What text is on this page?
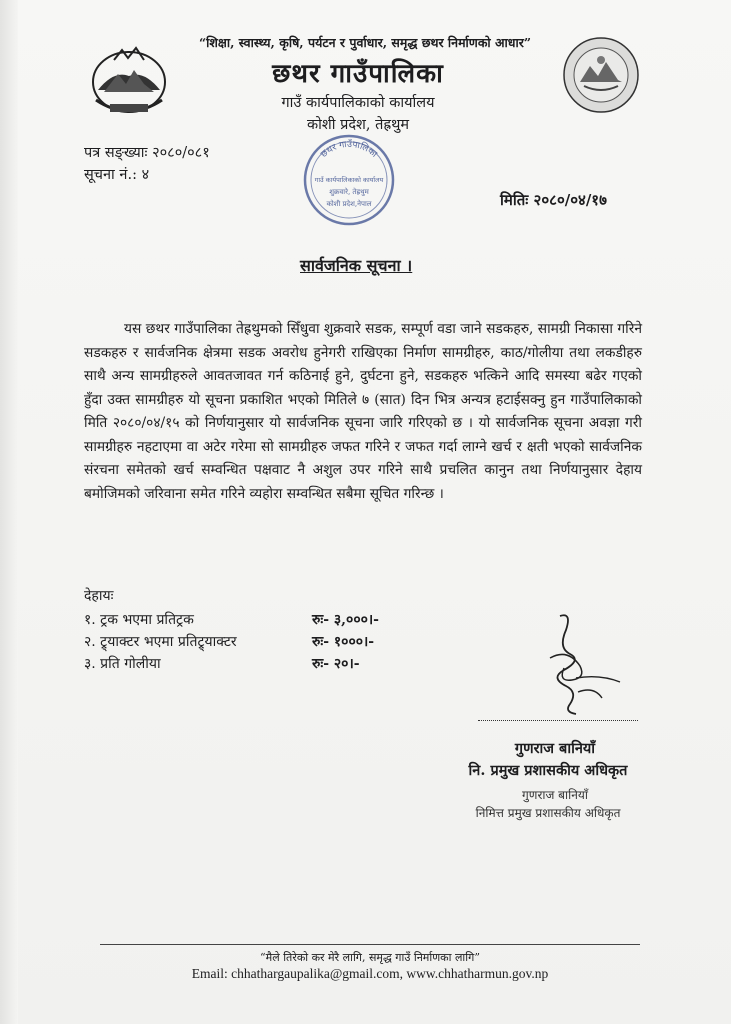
“शिक्षा, स्वास्थ्य, कृषि, पर्यटन र पुर्वाधार, समृद्ध छथर निर्माणको आधार”
छथर गाउँपालिका
गाउँ कार्यपालिकाको कार्यालय
कोशी प्रदेश, तेह्रथुम
पत्र सङ्ख्याः २०८०/०८१
सूचना नं.: ४
छथर गाउँपालिका
गाउँ कार्यपालिकाको कार्यालय
शुक्रवारे, तेह्रथुम
कोशी प्रदेश,नेपाल	मितिः २०८०/०४/१७
सार्वजनिक सूचना ।
यस छथर गाउँपालिका तेह्रथुमको सिँधुवा शुक्रवारे सडक, सम्पूर्ण वडा जाने सडकहरु, सामग्री निकासा गरिने सडकहरु र सार्वजनिक क्षेत्रमा सडक अवरोध हुनेगरी राखिएका निर्माण सामग्रीहरु, काठ/गोलीया तथा लकडीहरु साथै अन्य सामग्रीहरुले आवतजावत गर्न कठिनाई हुने, दुर्घटना हुने, सडकहरु भत्किने आदि समस्या बढेर गएको हुँदा उक्त सामग्रीहरु यो सूचना प्रकाशित भएको मितिले ७ (सात) दिन भित्र अन्यत्र हटाईसक्नु हुन गाउँपालिकाको मिति २०८०/०४/१५ को निर्णयानुसार यो सार्वजनिक सूचना जारि गरिएको छ । यो सार्वजनिक सूचना अवज्ञा गरी सामग्रीहरु नहटाएमा वा अटेर गरेमा सो सामग्रीहरु जफत गरिने र जफत गर्दा लाग्ने खर्च र क्षती भएको सार्वजनिक संरचना समेतको खर्च सम्वन्धित पक्षवाट नै अशुल उपर गरिने साथै प्रचलित कानुन तथा निर्णयानुसार देहाय बमोजिमको जरिवाना समेत गरिने व्यहोरा सम्वन्धित सबैमा सूचित गरिन्छ ।
देहायः
१. ट्रक भएमा प्रतिट्रक	रुः- ३,०००।-
२. ट्र्याक्टर भएमा प्रतिट्र्याक्टर	रुः- १०००।-
३. प्रति गोलीया	रुः- २०।-
गुणराज बानियाँ
नि. प्रमुख प्रशासकीय अधिकृत
गुणराज बानियाँ
निमित्त प्रमुख प्रशासकीय अधिकृत
“मैले तिरेको कर मेरै लागि, समृद्ध गाउँ निर्माणका लागि”
Email: chhathargaupalika@gmail.com, www.chhatharmun.gov.np
